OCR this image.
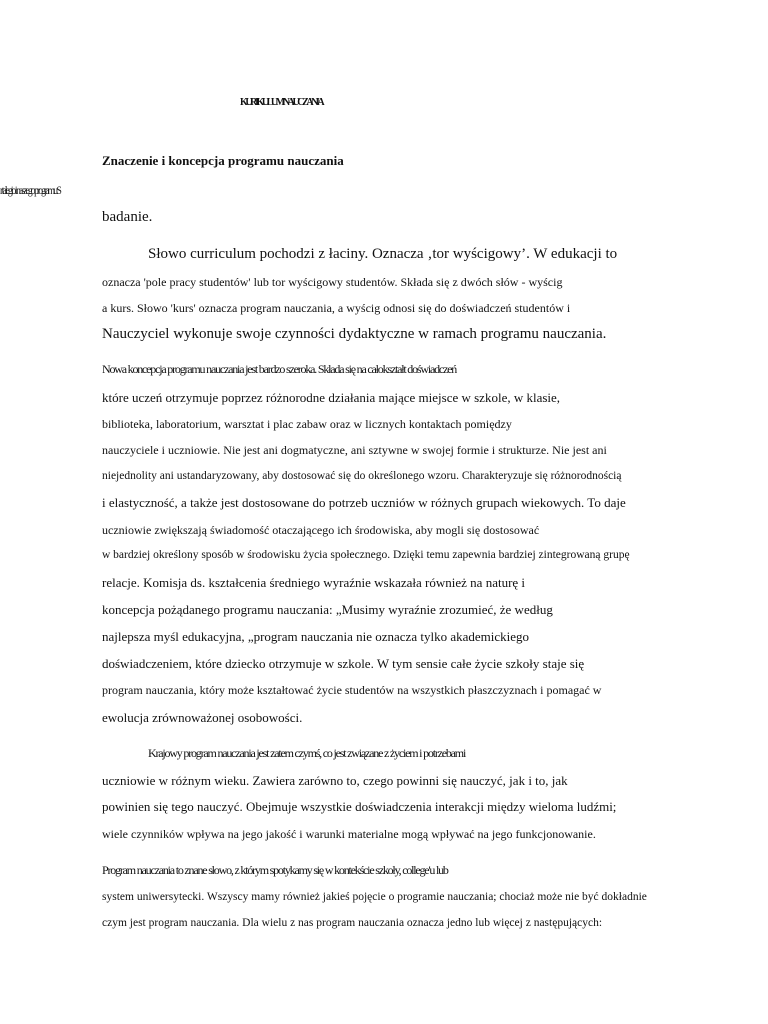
KURIKULUM NAUCZANIA
Znaczenie i koncepcja programu nauczania
r talegio i naszego programu S
badanie.
Słowo curriculum pochodzi z łaciny. Oznacza ‚tor wyścigowy’. W edukacji to
oznacza 'pole pracy studentów' lub tor wyścigowy studentów. Składa się z dwóch słów - wyścig
a kurs. Słowo 'kurs' oznacza program nauczania, a wyścig odnosi się do doświadczeń studentów i
Nauczyciel wykonuje swoje czynności dydaktyczne w ramach programu nauczania.
Nowa koncepcja programu nauczania jest bardzo szeroka. Składa się na całokształt doświadczeń
które uczeń otrzymuje poprzez różnorodne działania mające miejsce w szkole, w klasie,
biblioteka, laboratorium, warsztat i plac zabaw oraz w licznych kontaktach pomiędzy
nauczyciele i uczniowie. Nie jest ani dogmatyczne, ani sztywne w swojej formie i strukturze. Nie jest ani
niejednolity ani ustandaryzowany, aby dostosować się do określonego wzoru. Charakteryzuje się różnorodnością
i elastyczność, a także jest dostosowane do potrzeb uczniów w różnych grupach wiekowych. To daje
uczniowie zwiększają świadomość otaczającego ich środowiska, aby mogli się dostosować
w bardziej określony sposób w środowisku życia społecznego. Dzięki temu zapewnia bardziej zintegrowaną grupę
relacje. Komisja ds. kształcenia średniego wyraźnie wskazała również na naturę i
koncepcja pożądanego programu nauczania: „Musimy wyraźnie zrozumieć, że według
najlepsza myśl edukacyjna, „program nauczania nie oznacza tylko akademickiego
doświadczeniem, które dziecko otrzymuje w szkole. W tym sensie całe życie szkoły staje się
program nauczania, który może kształtować życie studentów na wszystkich płaszczyznach i pomagać w
ewolucja zrównoważonej osobowości.
Krajowy program nauczania jest zatem czymś, co jest związane z życiem i potrzebami
uczniowie w różnym wieku. Zawiera zarówno to, czego powinni się nauczyć, jak i to, jak
powinien się tego nauczyć. Obejmuje wszystkie doświadczenia interakcji między wieloma ludźmi;
wiele czynników wpływa na jego jakość i warunki materialne mogą wpływać na jego funkcjonowanie.
Program nauczania to znane słowo, z którym spotykamy się w kontekście szkoły, college'u lub
system uniwersytecki. Wszyscy mamy również jakieś pojęcie o programie nauczania; chociaż może nie być dokładnie
czym jest program nauczania. Dla wielu z nas program nauczania oznacza jedno lub więcej z następujących:
